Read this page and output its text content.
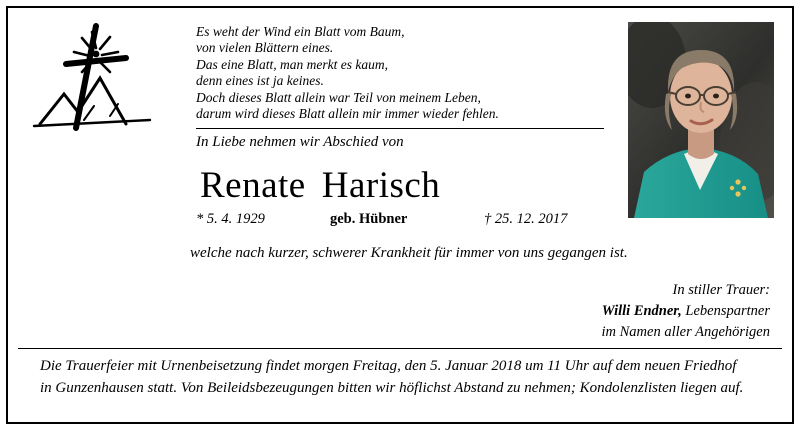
Es weht der Wind ein Blatt vom Baum,
von vielen Blättern eines.
Das eine Blatt, man merkt es kaum,
denn eines ist ja keines.
Doch dieses Blatt allein war Teil von meinem Leben,
darum wird dieses Blatt allein mir immer wieder fehlen.
In Liebe nehmen wir Abschied von
Renate Harisch
* 5. 4. 1929	geb. Hübner	† 25. 12. 2017
welche nach kurzer, schwerer Krankheit für immer von uns gegangen ist.
In stiller Trauer:
Willi Endner, Lebenspartner
im Namen aller Angehörigen
Die Trauerfeier mit Urnenbeisetzung findet morgen Freitag, den 5. Januar 2018 um 11 Uhr auf dem neuen Friedhof
in Gunzenhausen statt. Von Beileidsbezeugungen bitten wir höflichst Abstand zu nehmen; Kondolenzlisten liegen auf.
